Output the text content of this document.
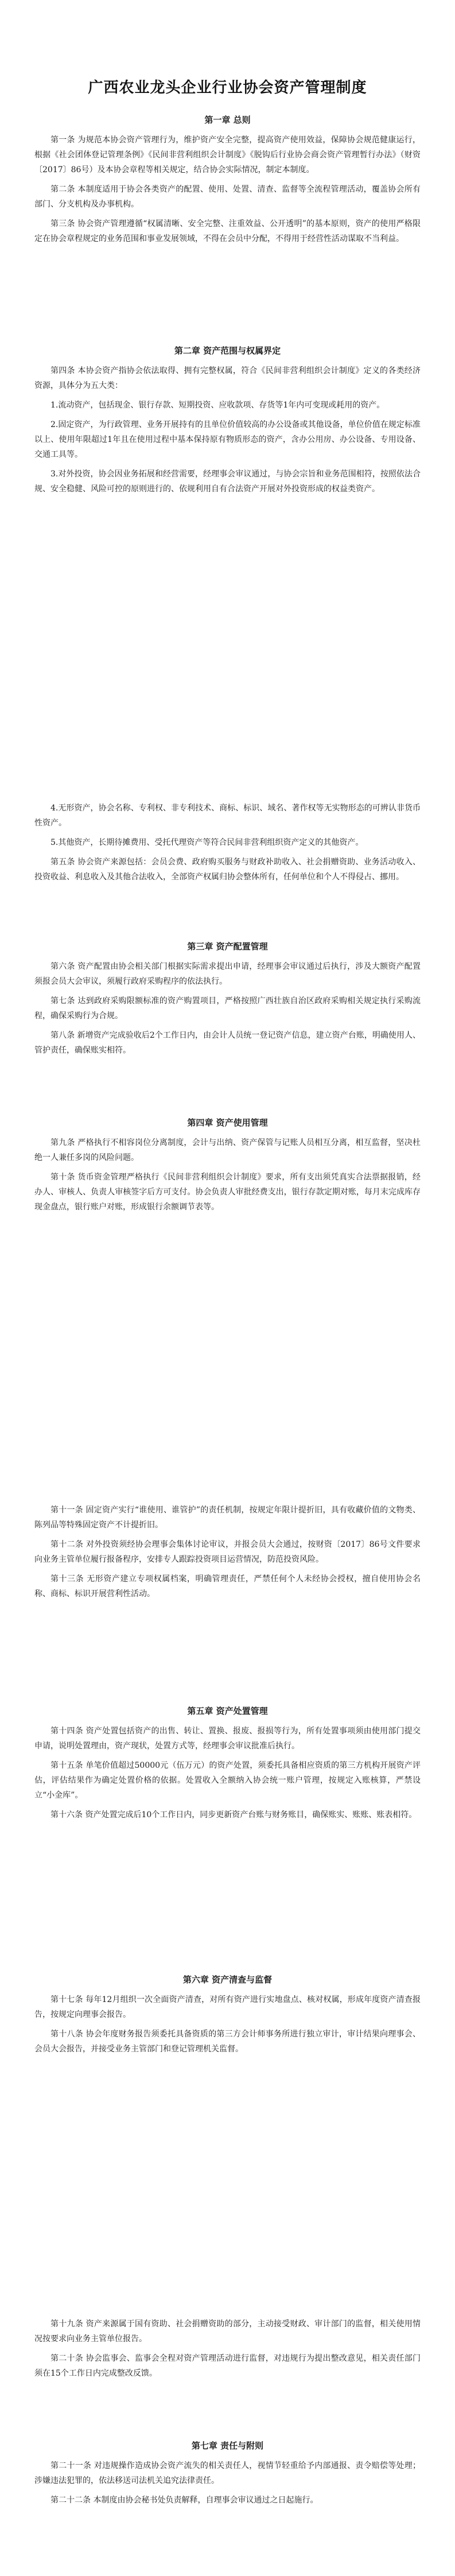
广西农业龙头企业行业协会资产管理制度
第一章 总则

第一条 为规范本协会资产管理行为，维护资产安全完整，提高资产使用效益，保障协会规范健康运行，根据《社会团体登记管理条例》《民间非营利组织会计制度》《脱钩后行业协会商会资产管理暂行办法》（财资〔2017〕86号）及本协会章程等相关规定，结合协会实际情况，制定本制度。

第二条 本制度适用于协会各类资产的配置、使用、处置、清查、监督等全流程管理活动，覆盖协会所有部门、分支机构及办事机构。

第三条 协会资产管理遵循“权属清晰、安全完整、注重效益、公开透明”的基本原则，资产的使用严格限定在协会章程规定的业务范围和事业发展领域，不得在会员中分配，不得用于经营性活动谋取不当利益。

第二章 资产范围与权属界定

第四条 本协会资产指协会依法取得、拥有完整权属，符合《民间非营利组织会计制度》定义的各类经济资源，具体分为五大类：

1.流动资产，包括现金、银行存款、短期投资、应收款项、存货等1年内可变现或耗用的资产。

2.固定资产，为行政管理、业务开展持有的且单位价值较高的办公设备或其他设备，单位价值在规定标准以上、使用年限超过1年且在使用过程中基本保持原有物质形态的资产，含办公用房、办公设备、专用设备、交通工具等。

3.对外投资，协会因业务拓展和经营需要，经理事会审议通过，与协会宗旨和业务范围相符，按照依法合规、安全稳健、风险可控的原则进行的、依规利用自有合法资产开展对外投资形成的权益类资产。

4.无形资产，协会名称、专利权、非专利技术、商标、标识、域名、著作权等无实物形态的可辨认非货币性资产。

5.其他资产，长期待摊费用、受托代理资产等符合民间非营利组织资产定义的其他资产。

第五条 协会资产来源包括：会员会费、政府购买服务与财政补助收入、社会捐赠资助、业务活动收入、投资收益、利息收入及其他合法收入，全部资产权属归协会整体所有，任何单位和个人不得侵占、挪用。

第三章 资产配置管理

第六条 资产配置由协会相关部门根据实际需求提出申请，经理事会审议通过后执行，涉及大额资产配置须报会员大会审议，须履行政府采购程序的依法执行。

第七条 达到政府采购限额标准的资产购置项目，严格按照广西壮族自治区政府采购相关规定执行采购流程，确保采购行为合规。

第八条 新增资产完成验收后2个工作日内，由会计人员统一登记资产信息，建立资产台账，明确使用人、管护责任，确保账实相符。

第四章 资产使用管理

第九条 严格执行不相容岗位分离制度，会计与出纳、资产保管与记账人员相互分离，相互监督，坚决杜绝一人兼任多岗的风险问题。

第十条 货币资金管理严格执行《民间非营利组织会计制度》要求，所有支出须凭真实合法票据报销，经办人、审核人、负责人审核签字后方可支付。协会负责人审批经费支出，银行存款定期对账，每月末完成库存现金盘点，银行账户对账，形成银行余额调节表等。

第十一条 固定资产实行“谁使用、谁管护”的责任机制，按规定年限计提折旧，具有收藏价值的文物类、陈列品等特殊固定资产不计提折旧。

第十二条 对外投资须经协会理事会集体讨论审议，并报会员大会通过，按财资〔2017〕86号文件要求向业务主管单位履行报备程序，安排专人跟踪投资项目运营情况，防范投资风险。

第十三条 无形资产建立专项权属档案，明确管理责任，严禁任何个人未经协会授权，擅自使用协会名称、商标、标识开展营利性活动。

第五章 资产处置管理

第十四条 资产处置包括资产的出售、转让、置换、报废、报损等行为，所有处置事项须由使用部门提交申请，说明处置理由，资产现状，处置方式等，经理事会审议批准后执行。

第十五条 单笔价值超过50000元（伍万元）的资产处置，须委托具备相应资质的第三方机构开展资产评估，评估结果作为确定处置价格的依据。处置收入全额纳入协会统一账户管理，按规定入账核算，严禁设立“小金库”。

第十六条 资产处置完成后10个工作日内，同步更新资产台账与财务账目，确保账实、账账、账表相符。

第六章 资产清查与监督

第十七条 每年12月组织一次全面资产清查，对所有资产进行实地盘点、核对权属，形成年度资产清查报告，按规定向理事会报告。

第十八条 协会年度财务报告须委托具备资质的第三方会计师事务所进行独立审计，审计结果向理事会、会员大会报告，并接受业务主管部门和登记管理机关监督。

第十九条 资产来源属于国有资助、社会捐赠资助的部分，主动接受财政、审计部门的监督，相关使用情况按要求向业务主管单位报告。

第二十条 协会监事会、监事会全程对资产管理活动进行监督，对违规行为提出整改意见，相关责任部门须在15个工作日内完成整改反馈。

第七章 责任与附则

第二十一条 对违规操作造成协会资产流失的相关责任人，视情节轻重给予内部通报、责令赔偿等处理；涉嫌违法犯罪的，依法移送司法机关追究法律责任。

第二十二条 本制度由协会秘书处负责解释，自理事会审议通过之日起施行。
